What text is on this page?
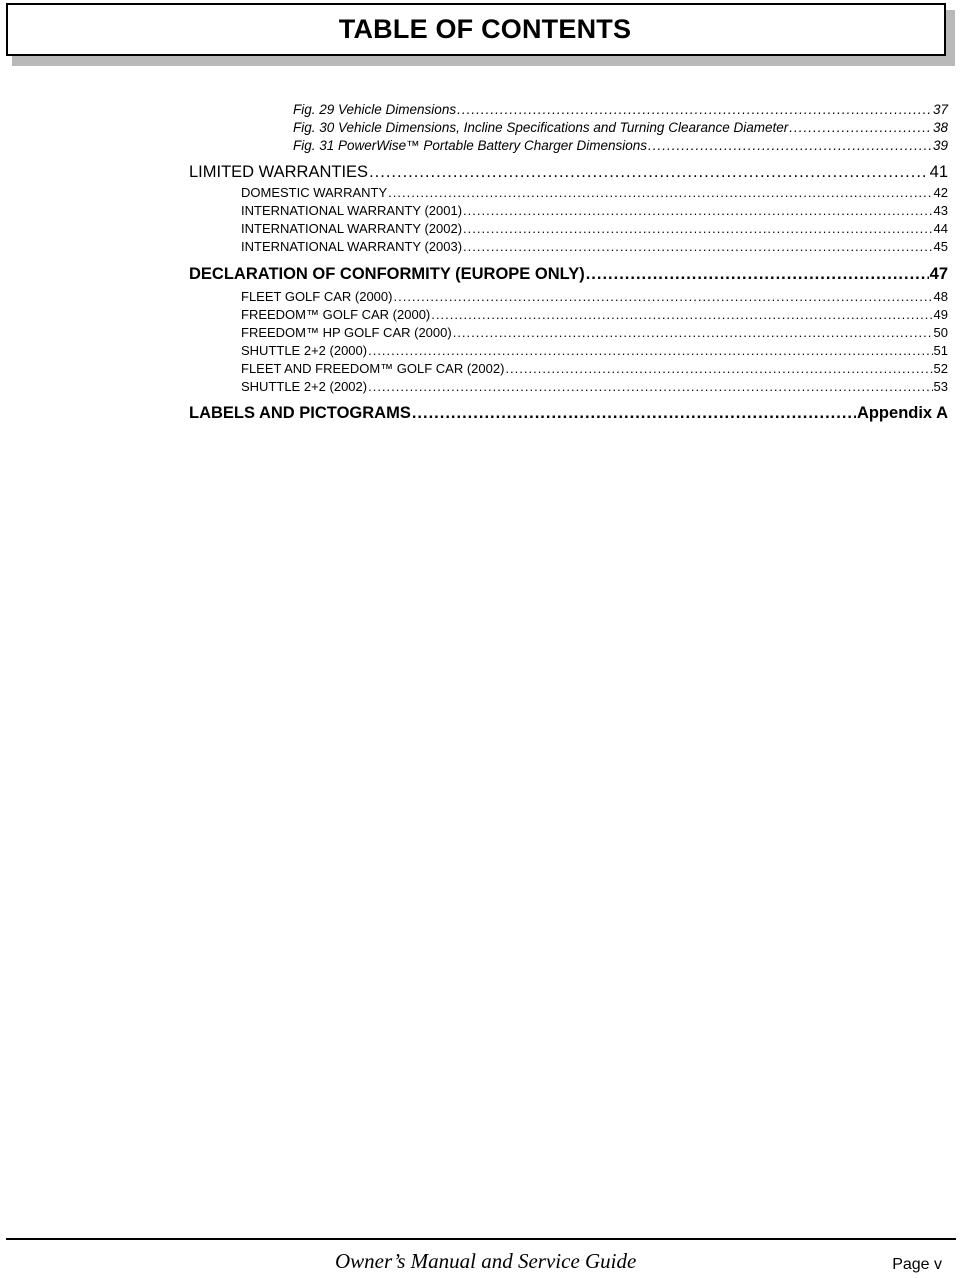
TABLE OF CONTENTS
Fig. 29 Vehicle Dimensions .....	37
Fig. 30 Vehicle Dimensions, Incline Specifications and Turning Clearance Diameter .....	38
Fig. 31 PowerWise™ Portable Battery Charger Dimensions .....	39
LIMITED WARRANTIES .....	41
DOMESTIC WARRANTY .....	42
INTERNATIONAL WARRANTY (2001) .....	43
INTERNATIONAL WARRANTY (2002) .....	44
INTERNATIONAL WARRANTY (2003) .....	45
DECLARATION OF CONFORMITY (EUROPE ONLY) .....	47
FLEET GOLF CAR (2000) .....	48
FREEDOM™ GOLF CAR (2000) .....	49
FREEDOM™ HP GOLF CAR (2000) .....	50
SHUTTLE 2+2 (2000) .....	51
FLEET AND FREEDOM™ GOLF CAR (2002) .....	52
SHUTTLE 2+2 (2002) .....	53
LABELS AND PICTOGRAMS .....	Appendix A
Owner’s Manual and Service Guide	Page v
